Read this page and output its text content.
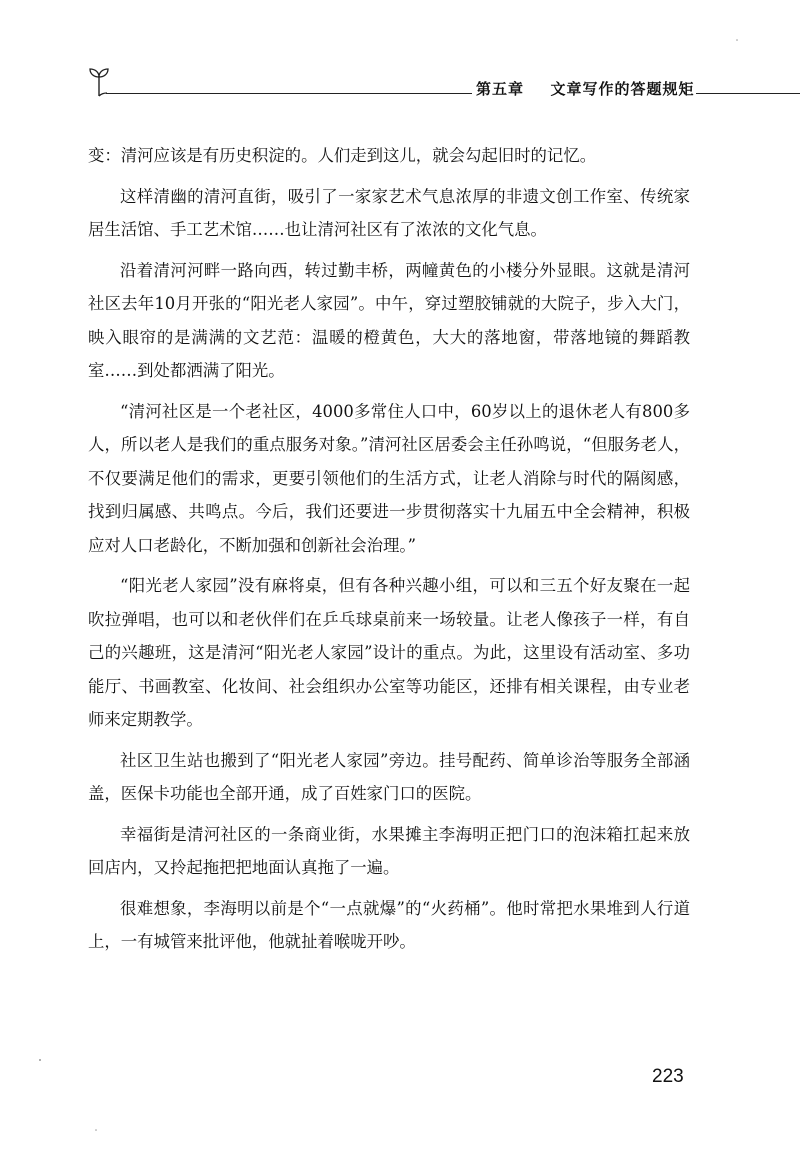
第五章 文章写作的答题规矩

变：清河应该是有历史积淀的。人们走到这儿，就会勾起旧时的记忆。

这样清幽的清河直街，吸引了一家家艺术气息浓厚的非遗文创工作室、传统家居生活馆、手工艺术馆……也让清河社区有了浓浓的文化气息。

沿着清河河畔一路向西，转过勤丰桥，两幢黄色的小楼分外显眼。这就是清河社区去年10月开张的“阳光老人家园”。中午，穿过塑胶铺就的大院子，步入大门，映入眼帘的是满满的文艺范：温暖的橙黄色，大大的落地窗，带落地镜的舞蹈教室……到处都洒满了阳光。

“清河社区是一个老社区，4000多常住人口中，60岁以上的退休老人有800多人，所以老人是我们的重点服务对象。”清河社区居委会主任孙鸣说，“但服务老人，不仅要满足他们的需求，更要引领他们的生活方式，让老人消除与时代的隔阂感，找到归属感、共鸣点。今后，我们还要进一步贯彻落实十九届五中全会精神，积极应对人口老龄化，不断加强和创新社会治理。”

“阳光老人家园”没有麻将桌，但有各种兴趣小组，可以和三五个好友聚在一起吹拉弹唱，也可以和老伙伴们在乒乓球桌前来一场较量。让老人像孩子一样，有自己的兴趣班，这是清河“阳光老人家园”设计的重点。为此，这里设有活动室、多功能厅、书画教室、化妆间、社会组织办公室等功能区，还排有相关课程，由专业老师来定期教学。

社区卫生站也搬到了“阳光老人家园”旁边。挂号配药、简单诊治等服务全部涵盖，医保卡功能也全部开通，成了百姓家门口的医院。

幸福街是清河社区的一条商业街，水果摊主李海明正把门口的泡沫箱扛起来放回店内，又拎起拖把把地面认真拖了一遍。

很难想象，李海明以前是个“一点就爆”的“火药桶”。他时常把水果堆到人行道上，一有城管来批评他，他就扯着喉咙开吵。

223
